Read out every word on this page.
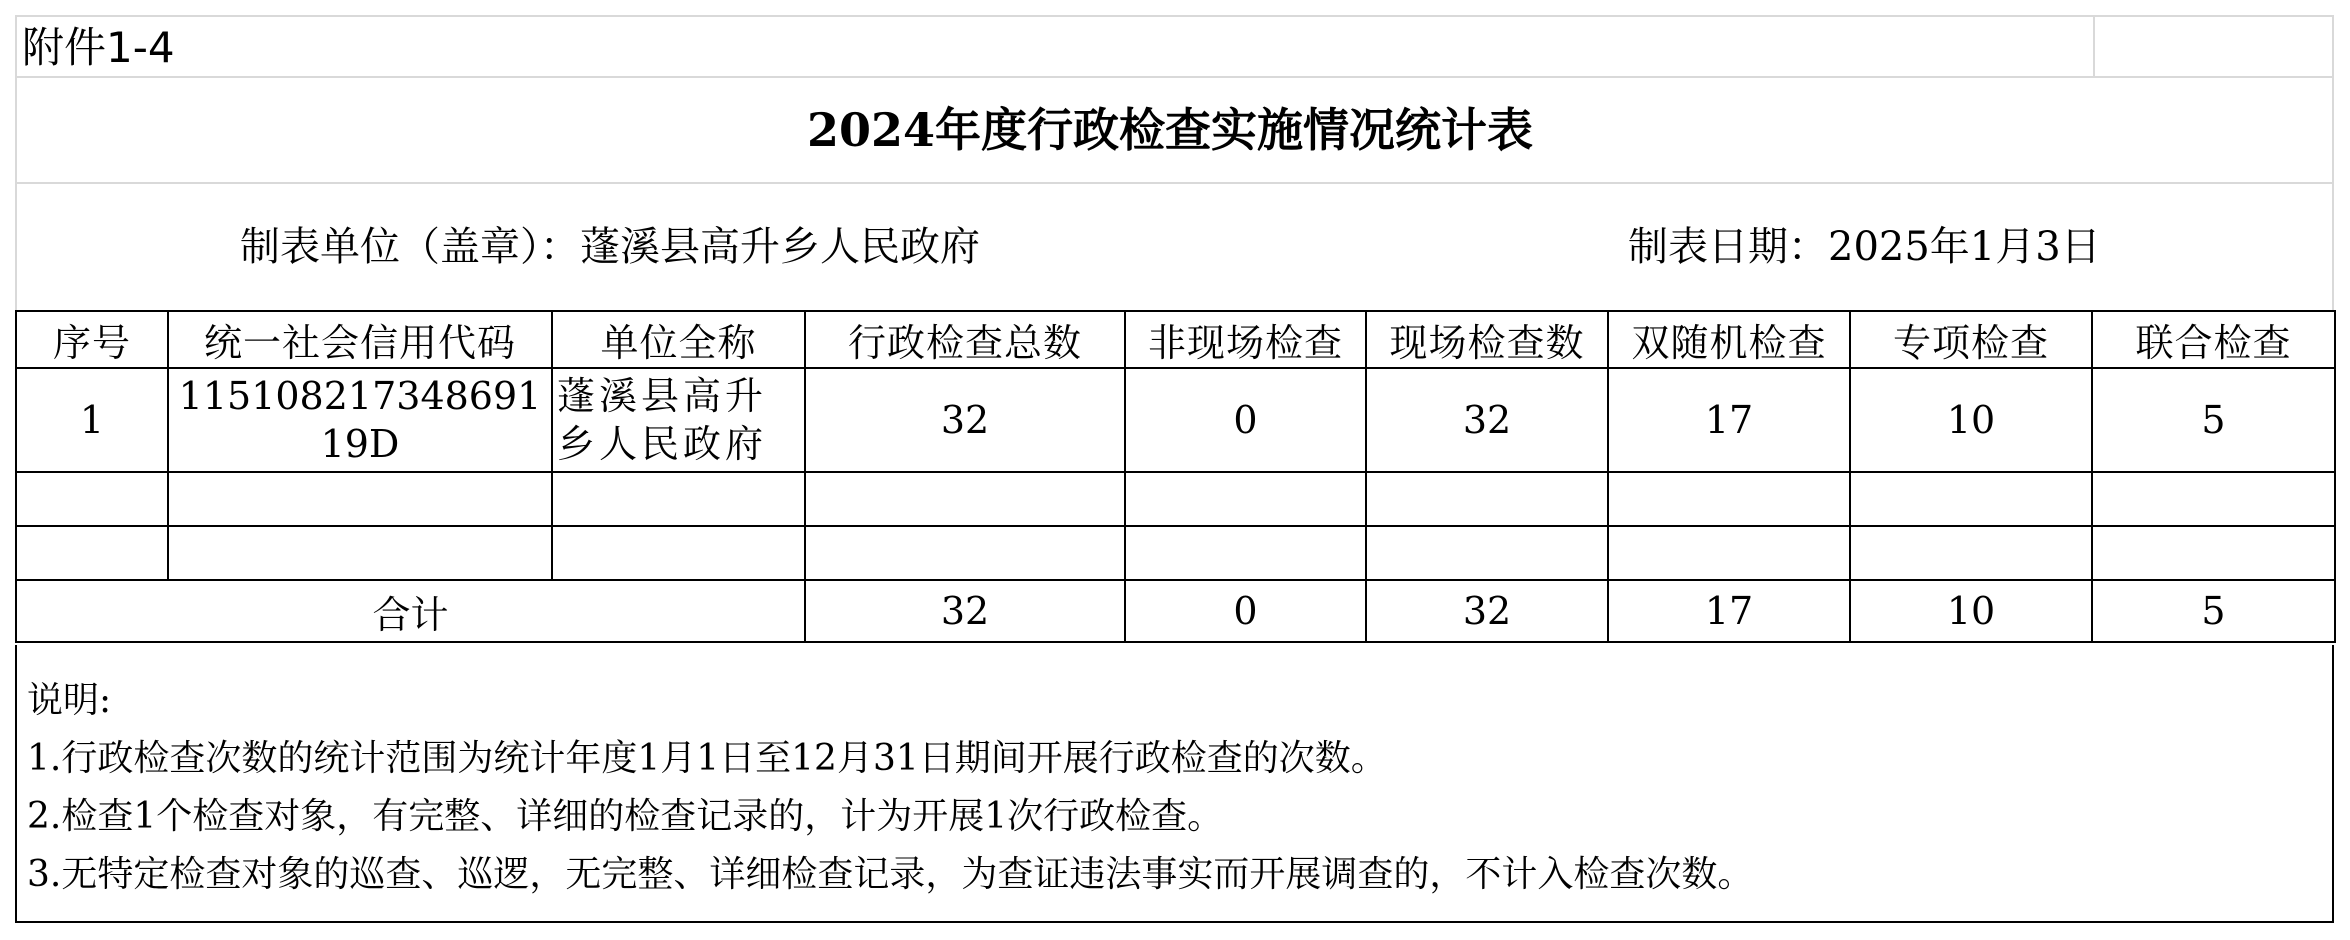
附件1-4
2024年度行政检查实施情况统计表
制表单位（盖章）：蓬溪县高升乡人民政府	制表日期：2025年1月3日
序号	统一社会信用代码	单位全称	行政检查总数	非现场检查	现场检查数	双随机检查	专项检查	联合检查
1	11510821734869119D	蓬溪县高升乡人民政府	32	0	32	17	10	5

合计			32	0	32	17	10	5
说明:
1.行政检查次数的统计范围为统计年度1月1日至12月31日期间开展行政检查的次数。
2.检查1个检查对象，有完整、详细的检查记录的，计为开展1次行政检查。
3.无特定检查对象的巡查、巡逻，无完整、详细检查记录，为查证违法事实而开展调查的，不计入检查次数。
